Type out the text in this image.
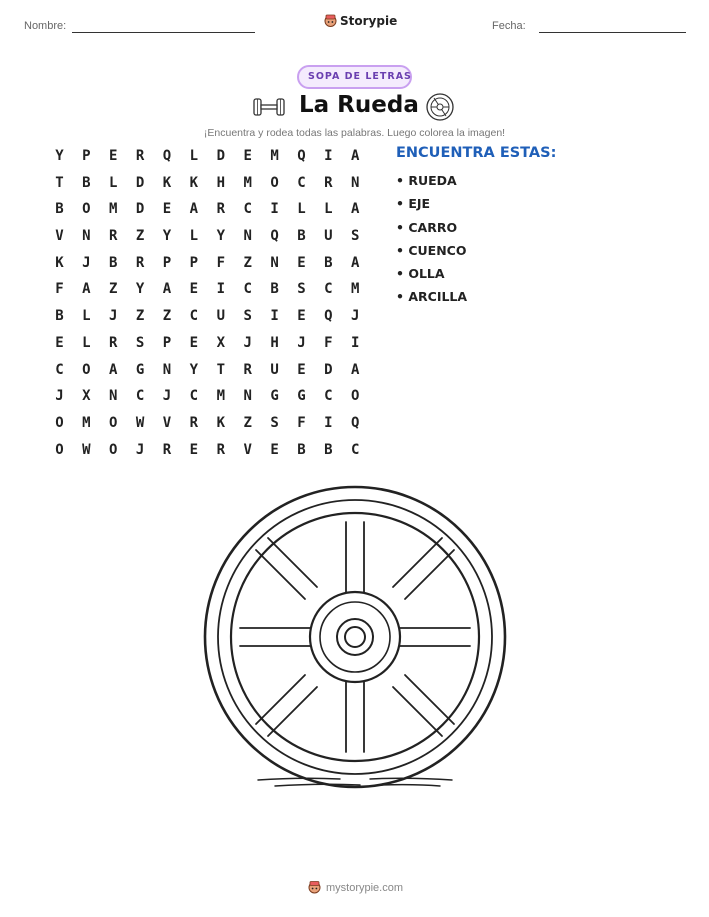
Nombre:	Storypie	Fecha:
SOPA DE LETRAS
La Rueda
¡Encuentra y rodea todas las palabras. Luego colorea la imagen!
Y	P	E	R	Q	L	D	E	M	Q	I	A
T	B	L	D	K	K	H	M	O	C	R	N
B	O	M	D	E	A	R	C	I	L	L	A
V	N	R	Z	Y	L	Y	N	Q	B	U	S
K	J	B	R	P	P	F	Z	N	E	B	A
F	A	Z	Y	A	E	I	C	B	S	C	M
B	L	J	Z	Z	C	U	S	I	E	Q	J
E	L	R	S	P	E	X	J	H	J	F	I
C	O	A	G	N	Y	T	R	U	E	D	A
J	X	N	C	J	C	M	N	G	G	C	O
O	M	O	W	V	R	K	Z	S	F	I	Q
O	W	O	J	R	E	R	V	E	B	B	C
ENCUENTRA ESTAS:
• RUEDA
• EJE
• CARRO
• CUENCO
• OLLA
• ARCILLA
mystorypie.com
